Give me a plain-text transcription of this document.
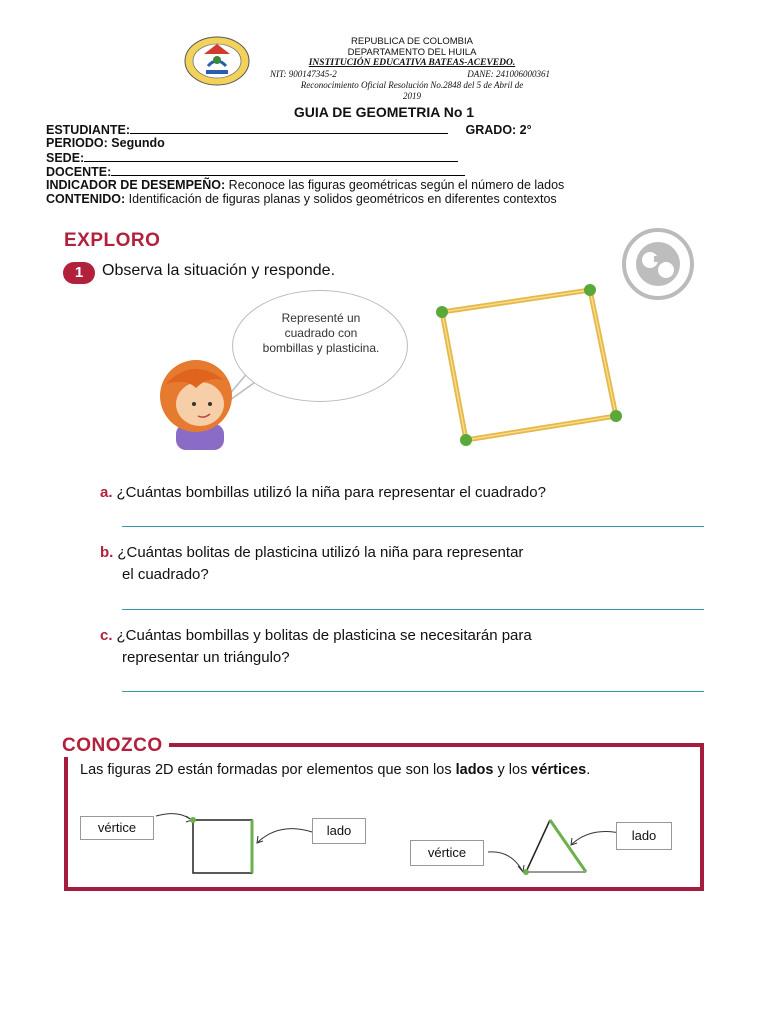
REPUBLICA DE COLOMBIA
DEPARTAMENTO DEL HUILA
INSTITUCIÓN EDUCATIVA BATEAS-ACEVEDO.
NIT: 900147345-2	DANE: 241006000361
Reconocimiento Oficial Resolución No.2848 del 5 de Abril de
2019
GUIA DE GEOMETRIA No 1
ESTUDIANTE:	GRADO: 2°
PERIODO: Segundo
SEDE:
DOCENTE:
INDICADOR DE DESEMPEÑO: Reconoce las figuras geométricas según el número de lados
CONTENIDO: Identificación de figuras planas y solidos geométricos en diferentes contextos
EXPLORO
1	Observa la situación y responde.
Representé un cuadrado con bombillas y plasticina.
a. ¿Cuántas bombillas utilizó la niña para representar el cuadrado?
b. ¿Cuántas bolitas de plasticina utilizó la niña para representar
el cuadrado?
c. ¿Cuántas bombillas y bolitas de plasticina se necesitarán para
representar un triángulo?
CONOZCO
Las figuras 2D están formadas por elementos que son los lados y los vértices.
vértice	lado
vértice
lado
